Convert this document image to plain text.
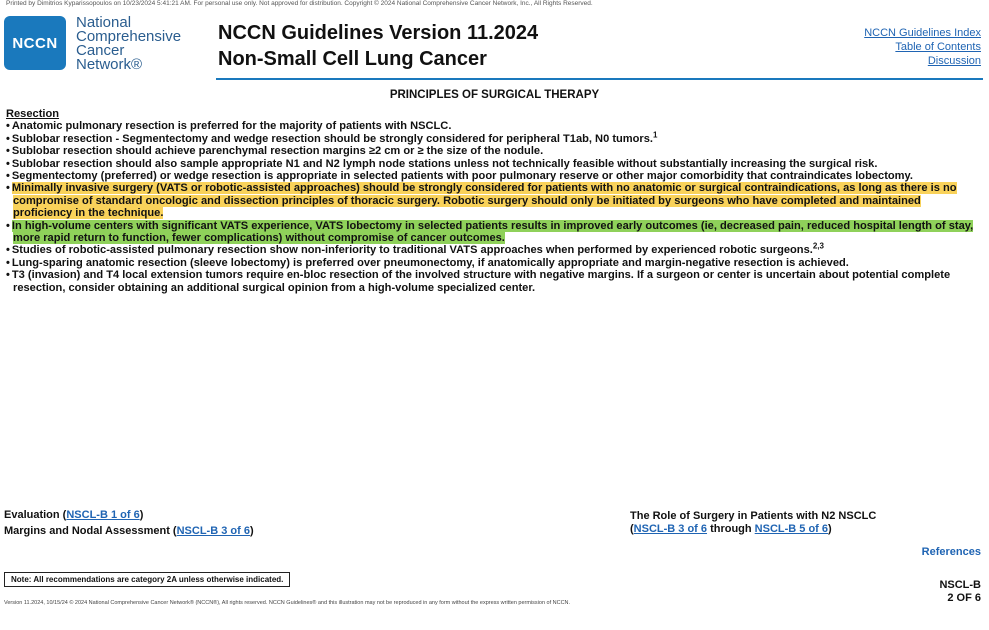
Printed by Dimitrios Kyparissopoulos on 10/23/2024 5:41:21 AM. For personal use only. Not approved for distribution. Copyright © 2024 National Comprehensive Cancer Network, Inc., All Rights Reserved.
NCCN
National
Comprehensive
Cancer
Network®
NCCN Guidelines Version 11.2024
Non-Small Cell Lung Cancer
NCCN Guidelines Index
Table of Contents
Discussion
PRINCIPLES OF SURGICAL THERAPY
Resection
• Anatomic pulmonary resection is preferred for the majority of patients with NSCLC.
• Sublobar resection - Segmentectomy and wedge resection should be strongly considered for peripheral T1ab, N0 tumors.$^1$
• Sublobar resection should achieve parenchymal resection margins ≥2 cm or ≥ the size of the nodule.
• Sublobar resection should also sample appropriate N1 and N2 lymph node stations unless not technically feasible without substantially increasing the surgical risk.
• Segmentectomy (preferred) or wedge resection is appropriate in selected patients with poor pulmonary reserve or other major comorbidity that contraindicates lobectomy.
• Minimally invasive surgery (VATS or robotic-assisted approaches) should be strongly considered for patients with no anatomic or surgical contraindications, as long as there is no compromise of standard oncologic and dissection principles of thoracic surgery. Robotic surgery should only be initiated by surgeons who have completed and maintained proficiency in the technique.
• In high-volume centers with significant VATS experience, VATS lobectomy in selected patients results in improved early outcomes (ie, decreased pain, reduced hospital length of stay, more rapid return to function, fewer complications) without compromise of cancer outcomes.
• Studies of robotic-assisted pulmonary resection show non-inferiority to traditional VATS approaches when performed by experienced robotic surgeons.$^{2,3}$
• Lung-sparing anatomic resection (sleeve lobectomy) is preferred over pneumonectomy, if anatomically appropriate and margin-negative resection is achieved.
• T3 (invasion) and T4 local extension tumors require en-bloc resection of the involved structure with negative margins. If a surgeon or center is uncertain about potential complete resection, consider obtaining an additional surgical opinion from a high-volume specialized center.
Evaluation (NSCL-B 1 of 6)
Margins and Nodal Assessment (NSCL-B 3 of 6)
The Role of Surgery in Patients with N2 NSCLC
(NSCL-B 3 of 6 through NSCL-B 5 of 6)
References
Note: All recommendations are category 2A unless otherwise indicated.	NSCL-B
2 OF 6
Version 11.2024, 10/15/24 © 2024 National Comprehensive Cancer Network® (NCCN®), All rights reserved. NCCN Guidelines® and this illustration may not be reproduced in any form without the express written permission of NCCN.
